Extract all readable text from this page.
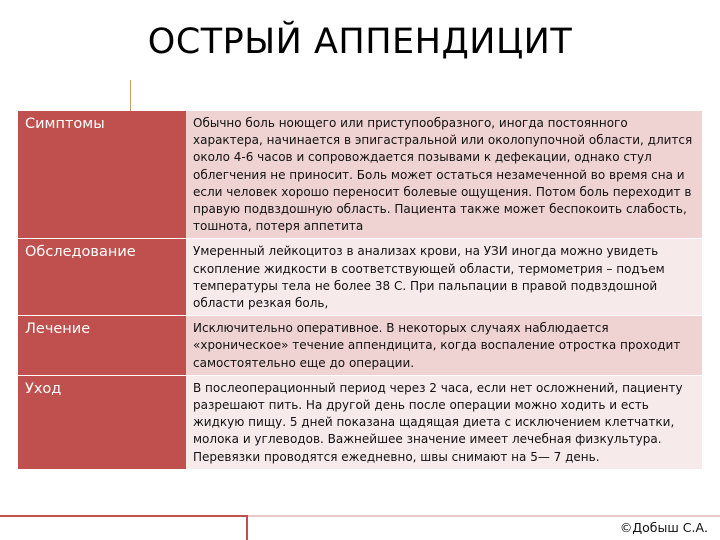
ОСТРЫЙ АППЕНДИЦИТ
Симптомы	Обычно боль ноющего или приступообразного, иногда постоянного характера, начинается в эпигастральной или околопупочной области, длится около 4-6 часов и сопровождается позывами к дефекации, однако стул облегчения не приносит. Боль может остаться незамеченной во время сна и если человек хорошо переносит болевые ощущения. Потом боль переходит в правую подвздошную область. Пациента также может беспокоить слабость, тошнота, потеря аппетита
Обследование	Умеренный лейкоцитоз в анализах крови, на УЗИ иногда можно увидеть скопление жидкости в соответствующей области, термометрия – подъем температуры тела не более 38 С. При пальпации в правой подвздошной области резкая боль,
Лечение	Исключительно оперативное. В некоторых случаях наблюдается «хроническое» течение аппендицита, когда воспаление отростка проходит самостоятельно еще до операции.
Уход	В послеоперационный период через 2 часа, если нет осложнений, пациенту разрешают пить. На другой день после операции можно ходить и есть жидкую пищу. 5 дней показана щадящая диета с исключением клетчатки, молока и углеводов. Важнейшее значение имеет лечебная физкультура. Перевязки проводятся ежедневно, швы снимают на 5— 7 день.
©Добыш С.А.
